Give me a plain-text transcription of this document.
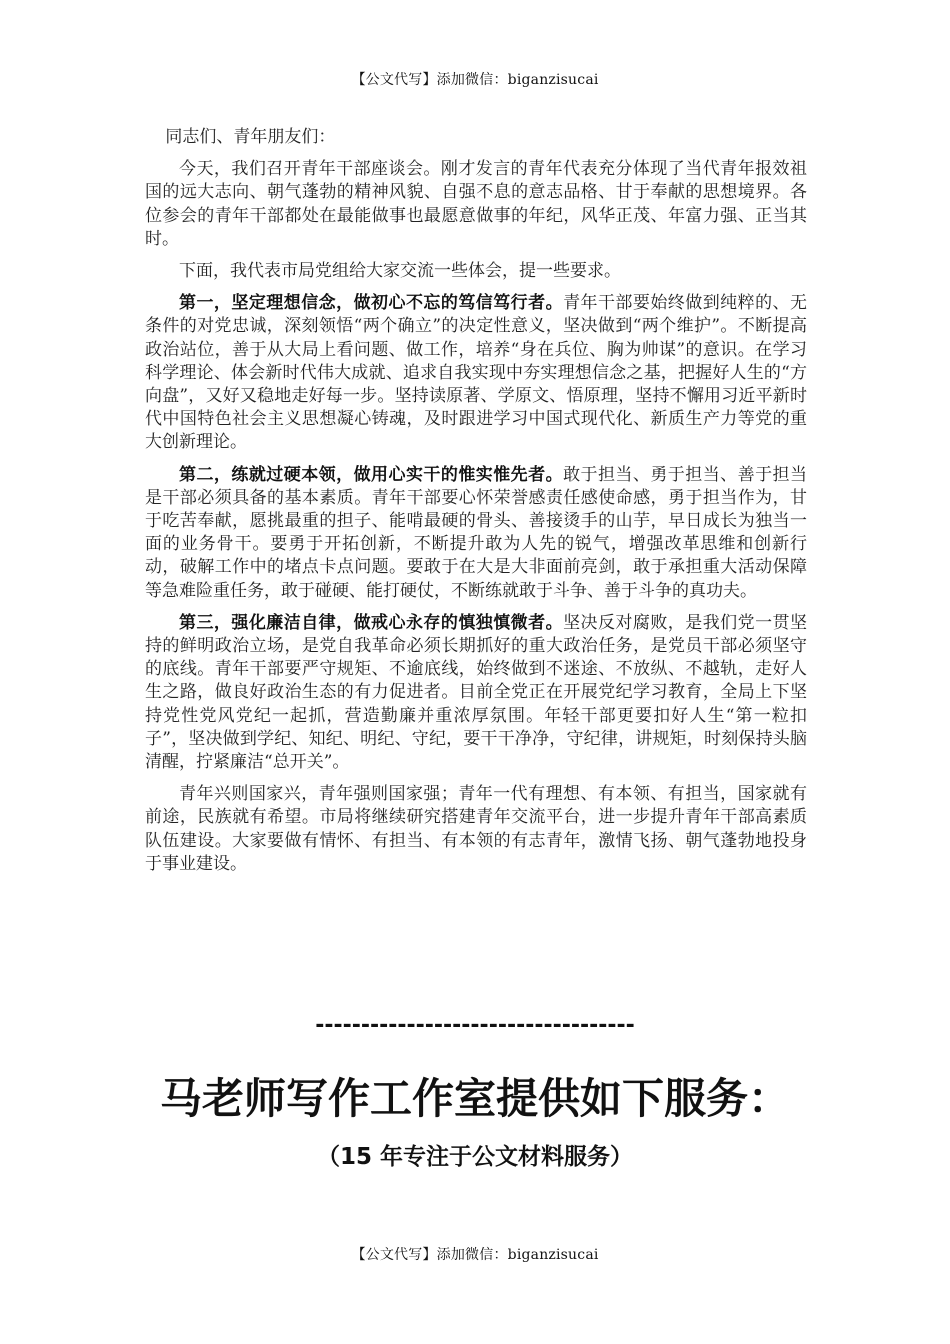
【公文代写】添加微信：biganzisucai

同志们、青年朋友们：

今天，我们召开青年干部座谈会。刚才发言的青年代表充分体现了当代青年报效祖国的远大志向、朝气蓬勃的精神风貌、自强不息的意志品格、甘于奉献的思想境界。各位参会的青年干部都处在最能做事也最愿意做事的年纪，风华正茂、年富力强、正当其时。

下面，我代表市局党组给大家交流一些体会，提一些要求。

第一，坚定理想信念，做初心不忘的笃信笃行者。青年干部要始终做到纯粹的、无条件的对党忠诚，深刻领悟“两个确立”的决定性意义，坚决做到“两个维护”。不断提高政治站位，善于从大局上看问题、做工作，培养“身在兵位、胸为帅谋”的意识。在学习科学理论、体会新时代伟大成就、追求自我实现中夯实理想信念之基，把握好人生的“方向盘”，又好又稳地走好每一步。坚持读原著、学原文、悟原理，坚持不懈用习近平新时代中国特色社会主义思想凝心铸魂，及时跟进学习中国式现代化、新质生产力等党的重大创新理论。

第二，练就过硬本领，做用心实干的惟实惟先者。敢于担当、勇于担当、善于担当是干部必须具备的基本素质。青年干部要心怀荣誉感责任感使命感，勇于担当作为，甘于吃苦奉献，愿挑最重的担子、能啃最硬的骨头、善接烫手的山芋，早日成长为独当一面的业务骨干。要勇于开拓创新，不断提升敢为人先的锐气，增强改革思维和创新行动，破解工作中的堵点卡点问题。要敢于在大是大非面前亮剑，敢于承担重大活动保障等急难险重任务，敢于碰硬、能打硬仗，不断练就敢于斗争、善于斗争的真功夫。

第三，强化廉洁自律，做戒心永存的慎独慎微者。坚决反对腐败，是我们党一贯坚持的鲜明政治立场，是党自我革命必须长期抓好的重大政治任务，是党员干部必须坚守的底线。青年干部要严守规矩、不逾底线，始终做到不迷途、不放纵、不越轨，走好人生之路，做良好政治生态的有力促进者。目前全党正在开展党纪学习教育，全局上下坚持党性党风党纪一起抓，营造勤廉并重浓厚氛围。年轻干部更要扣好人生“第一粒扣子”，坚决做到学纪、知纪、明纪、守纪，要干干净净，守纪律，讲规矩，时刻保持头脑清醒，拧紧廉洁“总开关”。

青年兴则国家兴，青年强则国家强；青年一代有理想、有本领、有担当，国家就有前途，民族就有希望。市局将继续研究搭建青年交流平台，进一步提升青年干部高素质队伍建设。大家要做有情怀、有担当、有本领的有志青年，激情飞扬、朝气蓬勃地投身于事业建设。

-----------------------------------
马老师写作工作室提供如下服务：
（15 年专注于公文材料服务）
【公文代写】添加微信：biganzisucai
